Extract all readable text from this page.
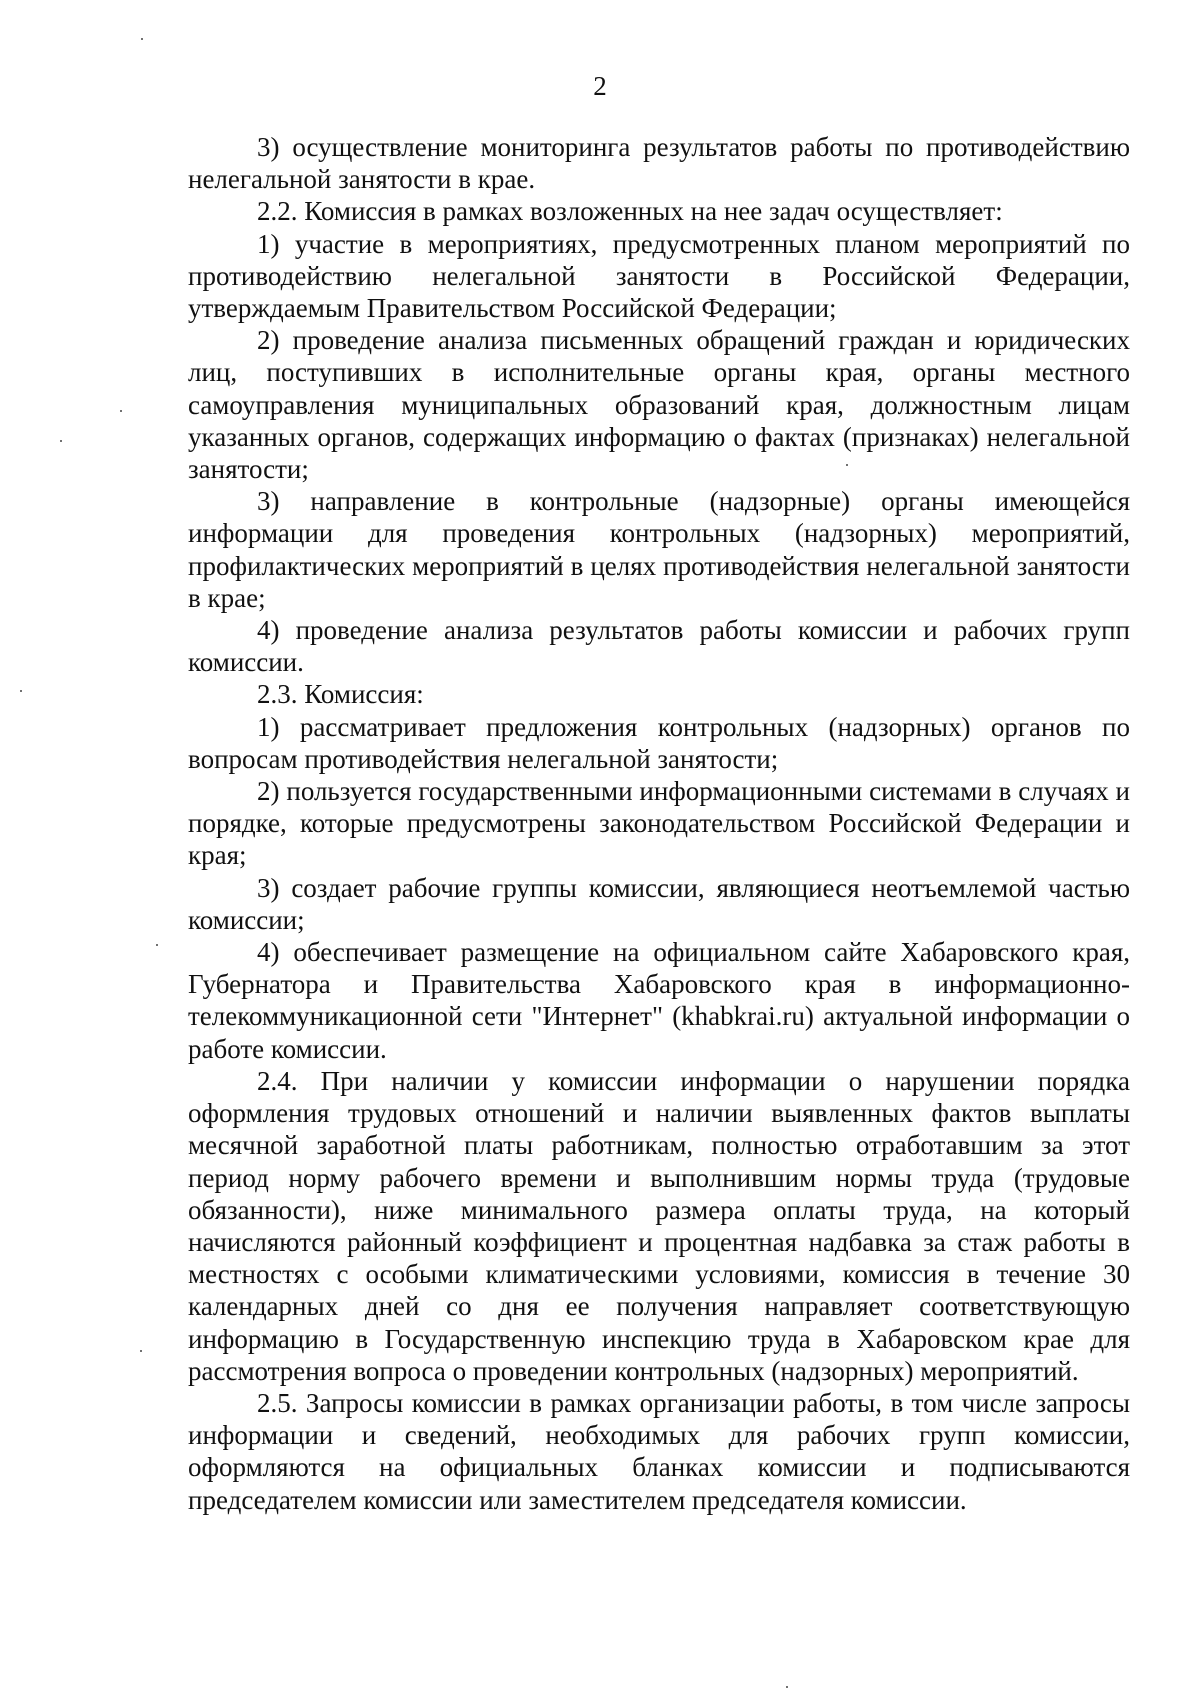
2

3) осуществление мониторинга результатов работы по противодействию нелегальной занятости в крае.

2.2. Комиссия в рамках возложенных на нее задач осуществляет:

1) участие в мероприятиях, предусмотренных планом мероприятий по противодействию нелегальной занятости в Российской Федерации, утверждаемым Правительством Российской Федерации;

2) проведение анализа письменных обращений граждан и юридических лиц, поступивших в исполнительные органы края, органы местного самоуправления муниципальных образований края, должностным лицам указанных органов, содержащих информацию о фактах (признаках) нелегальной занятости;

3) направление в контрольные (надзорные) органы имеющейся информации для проведения контрольных (надзорных) мероприятий, профилактических мероприятий в целях противодействия нелегальной занятости в крае;

4) проведение анализа результатов работы комиссии и рабочих групп комиссии.

2.3. Комиссия:

1) рассматривает предложения контрольных (надзорных) органов по вопросам противодействия нелегальной занятости;

2) пользуется государственными информационными системами в случаях и порядке, которые предусмотрены законодательством Российской Федерации и края;

3) создает рабочие группы комиссии, являющиеся неотъемлемой частью комиссии;

4) обеспечивает размещение на официальном сайте Хабаровского края, Губернатора и Правительства Хабаровского края в информационно-телекоммуникационной сети "Интернет" (khabkrai.ru) актуальной информации о работе комиссии.

2.4. При наличии у комиссии информации о нарушении порядка оформления трудовых отношений и наличии выявленных фактов выплаты месячной заработной платы работникам, полностью отработавшим за этот период норму рабочего времени и выполнившим нормы труда (трудовые обязанности), ниже минимального размера оплаты труда, на который начисляются районный коэффициент и процентная надбавка за стаж работы в местностях с особыми климатическими условиями, комиссия в течение 30 календарных дней со дня ее получения направляет соответствующую информацию в Государственную инспекцию труда в Хабаровском крае для рассмотрения вопроса о проведении контрольных (надзорных) мероприятий.

2.5. Запросы комиссии в рамках организации работы, в том числе запросы информации и сведений, необходимых для рабочих групп комиссии, оформляются на официальных бланках комиссии и подписываются председателем комиссии или заместителем председателя комиссии.
